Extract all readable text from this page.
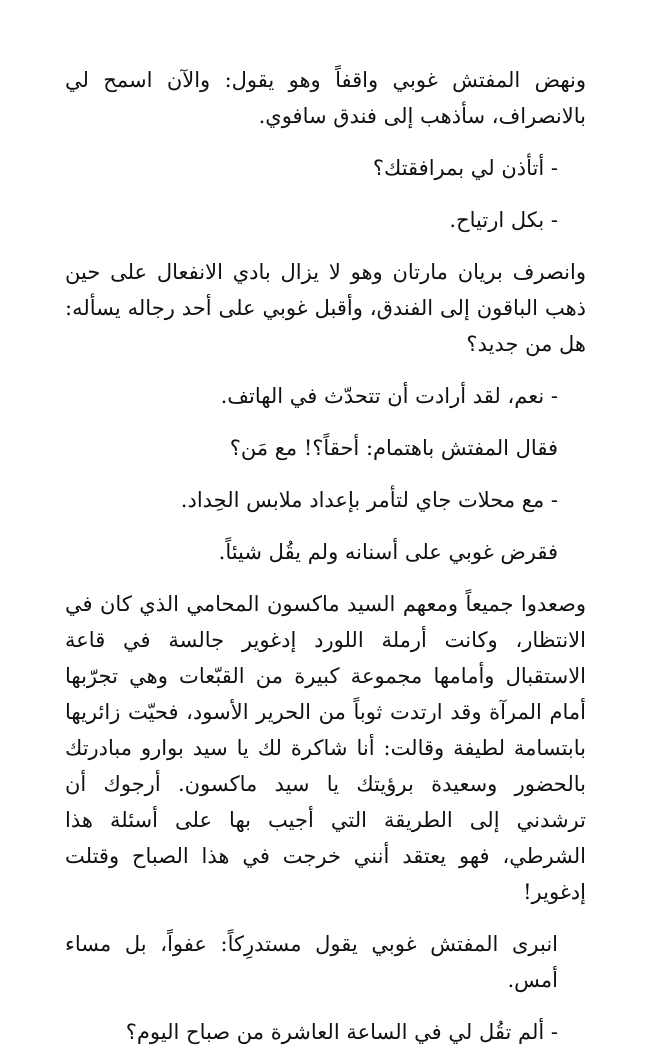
ونهض المفتش غوبي واقفاً وهو يقول: والآن اسمح لي بالانصراف، سأذهب إلى فندق سافوي.

- أتأذن لي بمرافقتك؟

- بكل ارتياح.

وانصرف بريان مارتان وهو لا يزال بادي الانفعال على حين ذهب الباقون إلى الفندق، وأقبل غوبي على أحد رجاله يسأله: هل من جديد؟

- نعم، لقد أرادت أن تتحدّث في الهاتف.

فقال المفتش باهتمام: أحقاً؟! مع مَن؟

- مع محلات جاي لتأمر بإعداد ملابس الحِداد.

فقرض غوبي على أسنانه ولم يقُل شيئاً.

وصعدوا جميعاً ومعهم السيد ماكسون المحامي الذي كان في الانتظار، وكانت أرملة اللورد إدغوير جالسة في قاعة الاستقبال وأمامها مجموعة كبيرة من القبّعات وهي تجرّبها أمام المرآة وقد ارتدت ثوباً من الحرير الأسود، فحيّت زائريها بابتسامة لطيفة وقالت: أنا شاكرة لك يا سيد بوارو مبادرتك بالحضور وسعيدة برؤيتك يا سيد ماكسون. أرجوك أن ترشدني إلى الطريقة التي أجيب بها على أسئلة هذا الشرطي، فهو يعتقد أنني خرجت في هذا الصباح وقتلت إدغوير!

انبرى المفتش غوبي يقول مستدرِكاً: عفواً، بل مساء أمس.

- ألم تقُل لي في الساعة العاشرة من صباح اليوم؟
